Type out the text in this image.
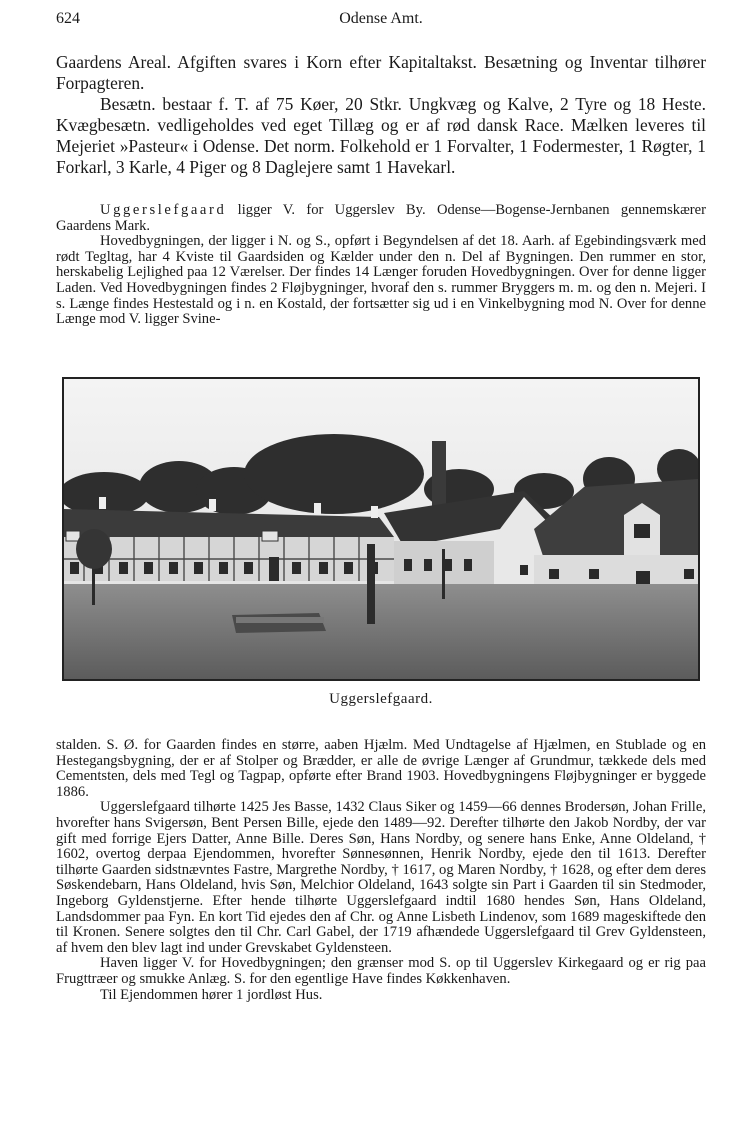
624	Odense Amt.

Gaardens Areal. Afgiften svares i Korn efter Kapitaltakst. Besætning og Inventar tilhører Forpagteren.

Besætn. bestaar f. T. af 75 Køer, 20 Stkr. Ungkvæg og Kalve, 2 Tyre og 18 Heste. Kvægbesætn. vedligeholdes ved eget Tillæg og er af rød dansk Race. Mælken leveres til Mejeriet »Pasteur« i Odense. Det norm. Folkehold er 1 Forvalter, 1 Fodermester, 1 Røgter, 1 Forkarl, 3 Karle, 4 Piger og 8 Daglejere samt 1 Havekarl.

Uggerslefgaard ligger V. for Uggerslev By. Odense—Bogense-Jernbanen gennemskærer Gaardens Mark.

Hovedbygningen, der ligger i N. og S., opført i Begyndelsen af det 18. Aarh. af Egebindingsværk med rødt Tegltag, har 4 Kviste til Gaardsiden og Kælder under den n. Del af Bygningen. Den rummer en stor, herskabelig Lejlighed paa 12 Værelser. Der findes 14 Længer foruden Hovedbygningen. Over for denne ligger Laden. Ved Hovedbygningen findes 2 Fløjbygninger, hvoraf den s. rummer Bryggers m. m. og den n. Mejeri. I s. Længe findes Hestestald og i n. en Kostald, der fortsætter sig ud i en Vinkelbygning mod N. Over for denne Længe mod V. ligger Svine-

Uggerslefgaard.

stalden. S. Ø. for Gaarden findes en større, aaben Hjælm. Med Undtagelse af Hjælmen, en Stublade og en Hestegangsbygning, der er af Stolper og Brædder, er alle de øvrige Længer af Grundmur, tækkede dels med Cementsten, dels med Tegl og Tagpap, opførte efter Brand 1903. Hovedbygningens Fløjbygninger er byggede 1886.

Uggerslefgaard tilhørte 1425 Jes Basse, 1432 Claus Siker og 1459—66 dennes Brodersøn, Johan Frille, hvorefter hans Svigersøn, Bent Persen Bille, ejede den 1489—92. Derefter tilhørte den Jakob Nordby, der var gift med forrige Ejers Datter, Anne Bille. Deres Søn, Hans Nordby, og senere hans Enke, Anne Oldeland, † 1602, overtog derpaa Ejendommen, hvorefter Sønnesønnen, Henrik Nordby, ejede den til 1613. Derefter tilhørte Gaarden sidstnævntes Fastre, Margrethe Nordby, † 1617, og Maren Nordby, † 1628, og efter dem deres Søskendebarn, Hans Oldeland, hvis Søn, Melchior Oldeland, 1643 solgte sin Part i Gaarden til sin Stedmoder, Ingeborg Gyldenstjerne. Efter hende tilhørte Uggerslefgaard indtil 1680 hendes Søn, Hans Oldeland, Landsdommer paa Fyn. En kort Tid ejedes den af Chr. og Anne Lisbeth Lindenov, som 1689 mageskiftede den til Kronen. Senere solgtes den til Chr. Carl Gabel, der 1719 afhændede Uggerslefgaard til Grev Gyldensteen, af hvem den blev lagt ind under Grevskabet Gyldensteen.

Haven ligger V. for Hovedbygningen; den grænser mod S. op til Uggerslev Kirkegaard og er rig paa Frugttræer og smukke Anlæg. S. for den egentlige Have findes Køkkenhaven.

Til Ejendommen hører 1 jordløst Hus.
